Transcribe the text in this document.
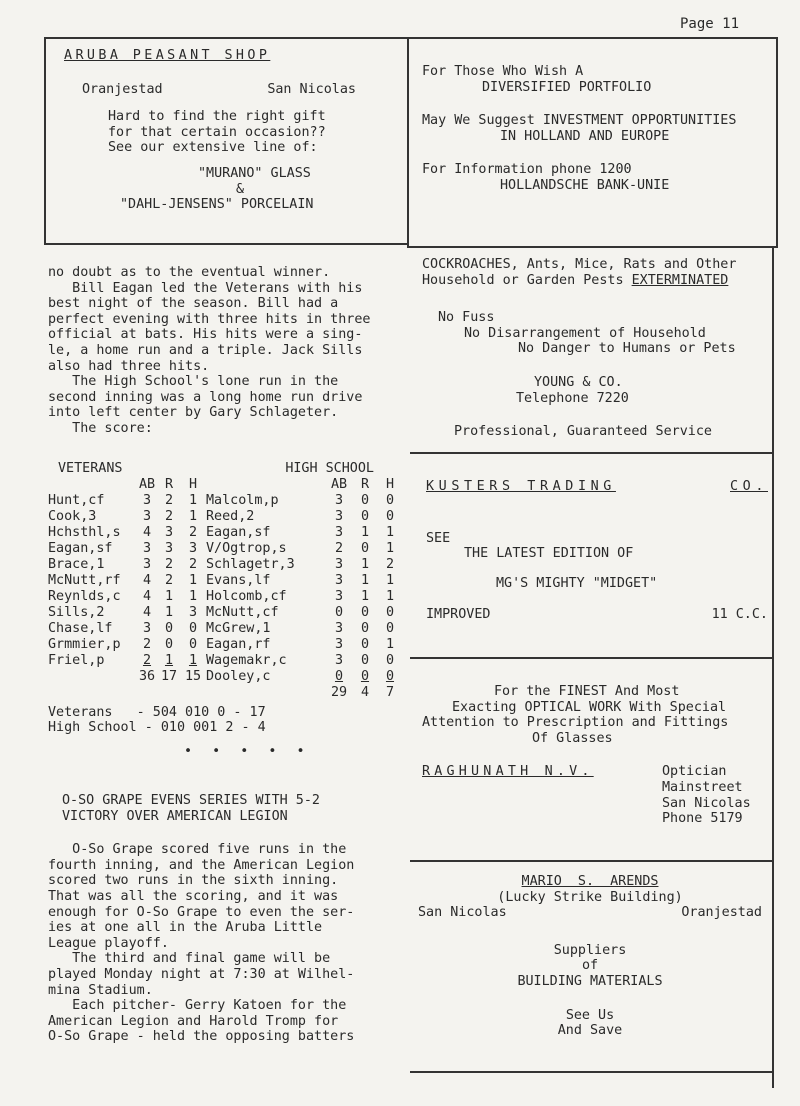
Page 11
ARUBA PEASANT SHOP
Oranjestad	San Nicolas
Hard to find the right gift
for that certain occasion??
See our extensive line of:
"MURANO" GLASS
&
"DAHL-JENSENS" PORCELAIN
For Those Who Wish A
DIVERSIFIED PORTFOLIO
May We Suggest INVESTMENT OPPORTUNITIES
IN HOLLAND AND EUROPE
For Information phone 1200
HOLLANDSCHE BANK-UNIE
no doubt as to the eventual winner.
Bill Eagan led the Veterans with his
best night of the season. Bill had a
perfect evening with three hits in three
official at bats. His hits were a sing-
le, a home run and a triple. Jack Sills
also had three hits.
The High School's lone run in the
second inning was a long home run drive
into left center by Gary Schlageter.
The score:
VETERANS	HIGH SCHOOL
	AB	R	H		AB	R	H
Hunt,cf	3	2	1	Malcolm,p	3	0	0
Cook,3	3	2	1	Reed,2	3	0	0
Hchsthl,s	4	3	2	Eagan,sf	3	1	1
Eagan,sf	3	3	3	V/Ogtrop,s	2	0	1
Brace,1	3	2	2	Schlagetr,3	3	1	2
McNutt,rf	4	2	1	Evans,lf	3	1	1
Reynlds,c	4	1	1	Holcomb,cf	3	1	1
Sills,2	4	1	3	McNutt,cf	0	0	0
Chase,lf	3	0	0	McGrew,1	3	0	0
Grmmier,p	2	0	0	Eagan,rf	3	0	1
Friel,p	2	1	1	Wagemakr,c	3	0	0
	36	17	15	Dooley,c	0	0	0
					29	4	7
Veterans   - 504 010 0 - 17
High School - 010 001 2 - 4
• • • • •
O-SO GRAPE EVENS SERIES WITH 5-2
VICTORY OVER AMERICAN LEGION
O-So Grape scored five runs in the
fourth inning, and the American Legion
scored two runs in the sixth inning.
That was all the scoring, and it was
enough for O-So Grape to even the ser-
ies at one all in the Aruba Little
League playoff.
The third and final game will be
played Monday night at 7:30 at Wilhel-
mina Stadium.
Each pitcher- Gerry Katoen for the
American Legion and Harold Tromp for
O-So Grape - held the opposing batters
COCKROACHES, Ants, Mice, Rats and Other
Household or Garden Pests EXTERMINATED
No Fuss
No Disarrangement of Household
No Danger to Humans or Pets
YOUNG & CO.
Telephone 7220
Professional, Guaranteed Service
KUSTERS TRADING	CO.
SEE
THE LATEST EDITION OF
MG'S MIGHTY "MIDGET"
IMPROVED	11 C.C.
For the FINEST And Most
Exacting OPTICAL WORK With Special
Attention to Prescription and Fittings
Of Glasses
RAGHUNATH N.V.	Optician
Mainstreet
San Nicolas
Phone 5179
MARIO S. ARENDS
(Lucky Strike Building)
San Nicolas	Oranjestad
Suppliers
of
BUILDING MATERIALS
See Us
And Save
